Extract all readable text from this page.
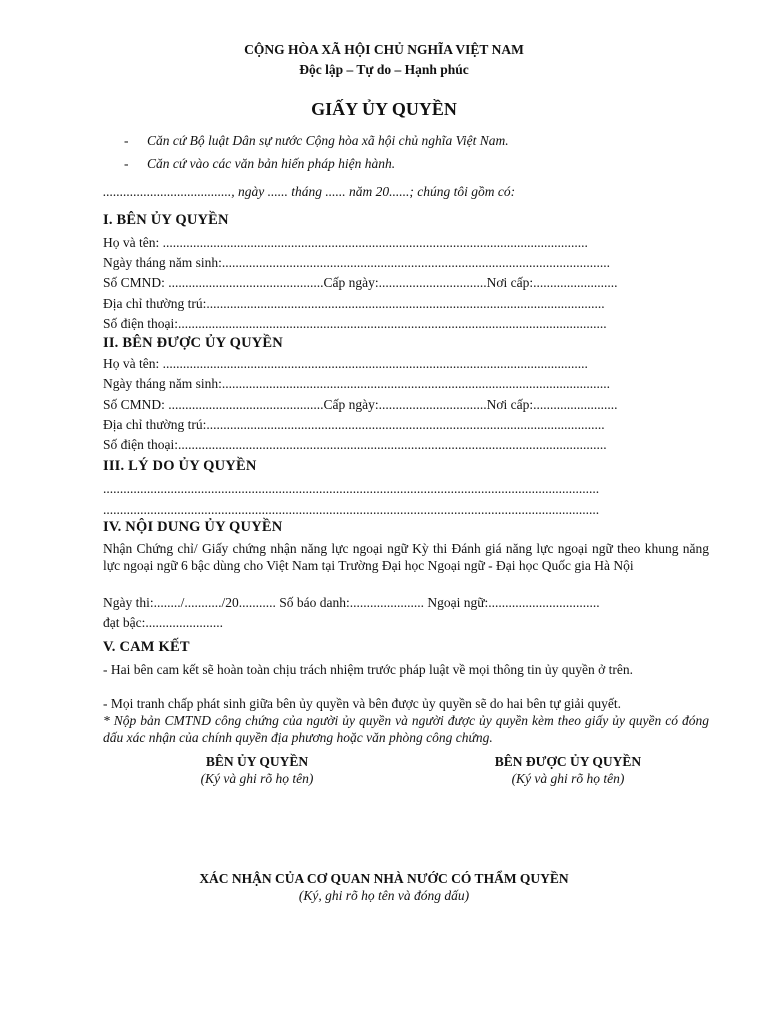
CỘNG HÒA XÃ HỘI CHỦ NGHĨA VIỆT NAM
Độc lập – Tự do – Hạnh phúc
GIẤY ỦY QUYỀN
- Căn cứ Bộ luật Dân sự nước Cộng hòa xã hội chủ nghĩa Việt Nam.
- Căn cứ vào các văn bản hiến pháp hiện hành.
......................................, ngày ...... tháng ...... năm 20......; chúng tôi gồm có:
I. BÊN ỦY QUYỀN
Họ và tên: ..............................................................................................................................
Ngày tháng năm sinh:...................................................................................................................
Số CMND: ..............................................Cấp ngày:................................Nơi cấp:.........................
Địa chỉ thường trú:......................................................................................................................
Số điện thoại:...............................................................................................................................
II. BÊN ĐƯỢC ỦY QUYỀN
Họ và tên: ..............................................................................................................................
Ngày tháng năm sinh:...................................................................................................................
Số CMND: ..............................................Cấp ngày:................................Nơi cấp:.........................
Địa chỉ thường trú:......................................................................................................................
Số điện thoại:...............................................................................................................................
III. LÝ DO ỦY QUYỀN
...................................................................................................................................................
...................................................................................................................................................
IV. NỘI DUNG ỦY QUYỀN
Nhận Chứng chỉ/ Giấy chứng nhận năng lực ngoại ngữ Kỳ thi Đánh giá năng lực ngoại ngữ theo khung năng lực ngoại ngữ 6 bậc dùng cho Việt Nam tại Trường Đại học Ngoại ngữ - Đại học Quốc gia Hà Nội
Ngày thi:......../.........../20........... Số báo danh:...................... Ngoại ngữ:.................................
đạt bậc:.......................
V. CAM KẾT
- Hai bên cam kết sẽ hoàn toàn chịu trách nhiệm trước pháp luật về mọi thông tin ủy quyền ở trên.
- Mọi tranh chấp phát sinh giữa bên ủy quyền và bên được ủy quyền sẽ do hai bên tự giải quyết.
* Nộp bản CMTND công chứng của người ủy quyền và người được ủy quyền kèm theo giấy ủy quyền có đóng dấu xác nhận của chính quyền địa phương hoặc văn phòng công chứng.
BÊN ỦY QUYỀN
(Ký và ghi rõ họ tên)
BÊN ĐƯỢC ỦY QUYỀN
(Ký và ghi rõ họ tên)
XÁC NHẬN CỦA CƠ QUAN NHÀ NƯỚC CÓ THẨM QUYỀN
(Ký, ghi rõ họ tên và đóng dấu)
